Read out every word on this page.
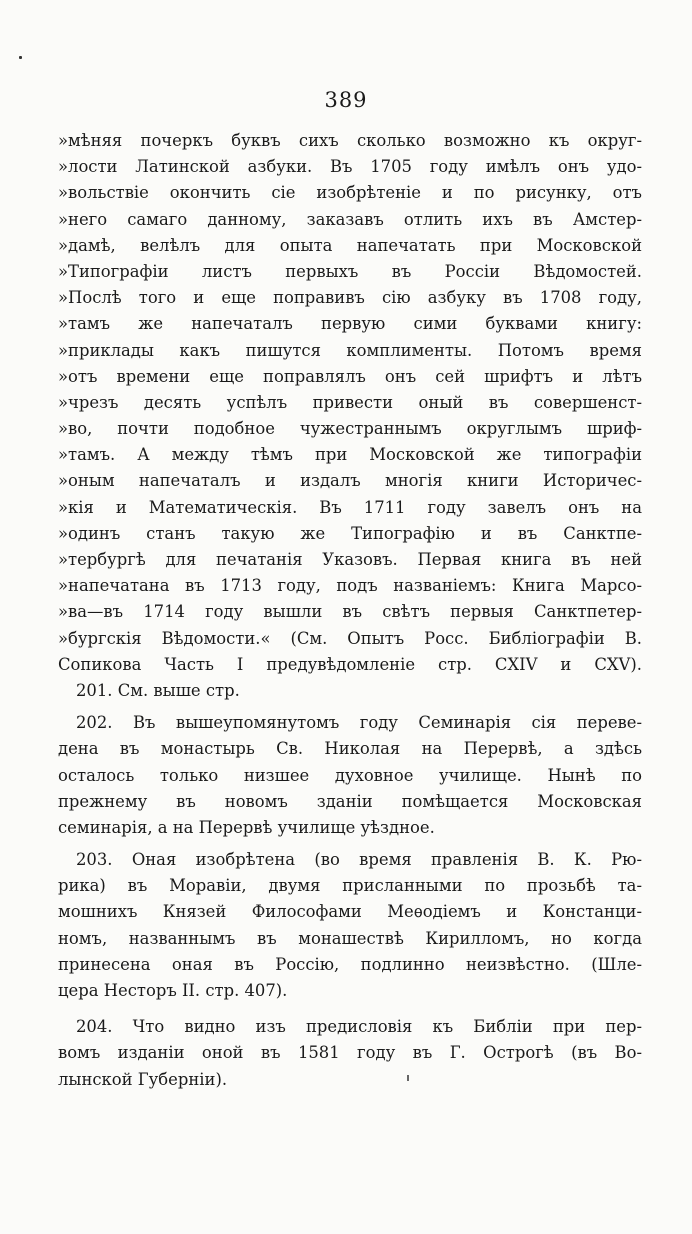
389
»мѣняя почеркъ буквъ сихъ сколько возможно къ округ-
»лости Латинской азбуки. Въ 1705 году имѣлъ онъ удо-
»вольствіе окончить сіе изобрѣтеніе и по рисунку, отъ
»него самаго данному, заказавъ отлить ихъ въ Амстер-
»дамѣ, велѣлъ для опыта напечатать при Московской
»Типографіи листъ первыхъ въ Россіи Вѣдомостей.
»Послѣ того и еще поправивъ сію азбуку въ 1708 году,
»тамъ же напечаталъ первую сими буквами книгу:
»приклады какъ пишутся комплименты. Потомъ время
»отъ времени еще поправлялъ онъ сей шрифтъ и лѣтъ
»чрезъ десять успѣлъ привести оный въ совершенст-
»во, почти подобное чужестраннымъ округлымъ шриф-
»тамъ. А между тѣмъ при Московской же типографіи
»оным напечаталъ и издалъ многія книги Историчес-
»кія и Математическія. Въ 1711 году завелъ онъ на
»одинъ станъ такую же Типографію и въ Санктпе-
»тербургѣ для печатанія Указовъ. Первая книга въ ней
»напечатана въ 1713 году, подъ названіемъ: Книга Марсо-
»ва—въ 1714 году вышли въ свѣтъ первыя Санктпетер-
»бургскія Вѣдомости.« (См. Опытъ Росс. Библіографіи В.
Сопикова Часть I предувѣдомленіе стр. CXIV и CXV).
201. См. выше стр.
202. Въ вышеупомянутомъ году Семинарія сія переве-
дена въ монастырь Св. Николая на Перервѣ, а здѣсь
осталось только низшее духовное училище. Нынѣ по
прежнему въ новомъ зданіи помѣщается Московская
семинарія, а на Перервѣ училище уѣздное.
203. Оная изобрѣтена (во время правленія В. К. Рю-
рика) въ Моравіи, двумя присланными по прозьбѣ та-
мошнихъ Князей Философами Меѳодіемъ и Констанци-
номъ, названнымъ въ монашествѣ Кирилломъ, но когда
принесена оная въ Россію, подлинно неизвѣстно. (Шле-
цера Несторъ II. стр. 407).
204. Что видно изъ предисловія къ Библіи при пер-
вомъ изданіи оной въ 1581 году въ Г. Острогѣ (въ Во-
лынской Губерніи).
